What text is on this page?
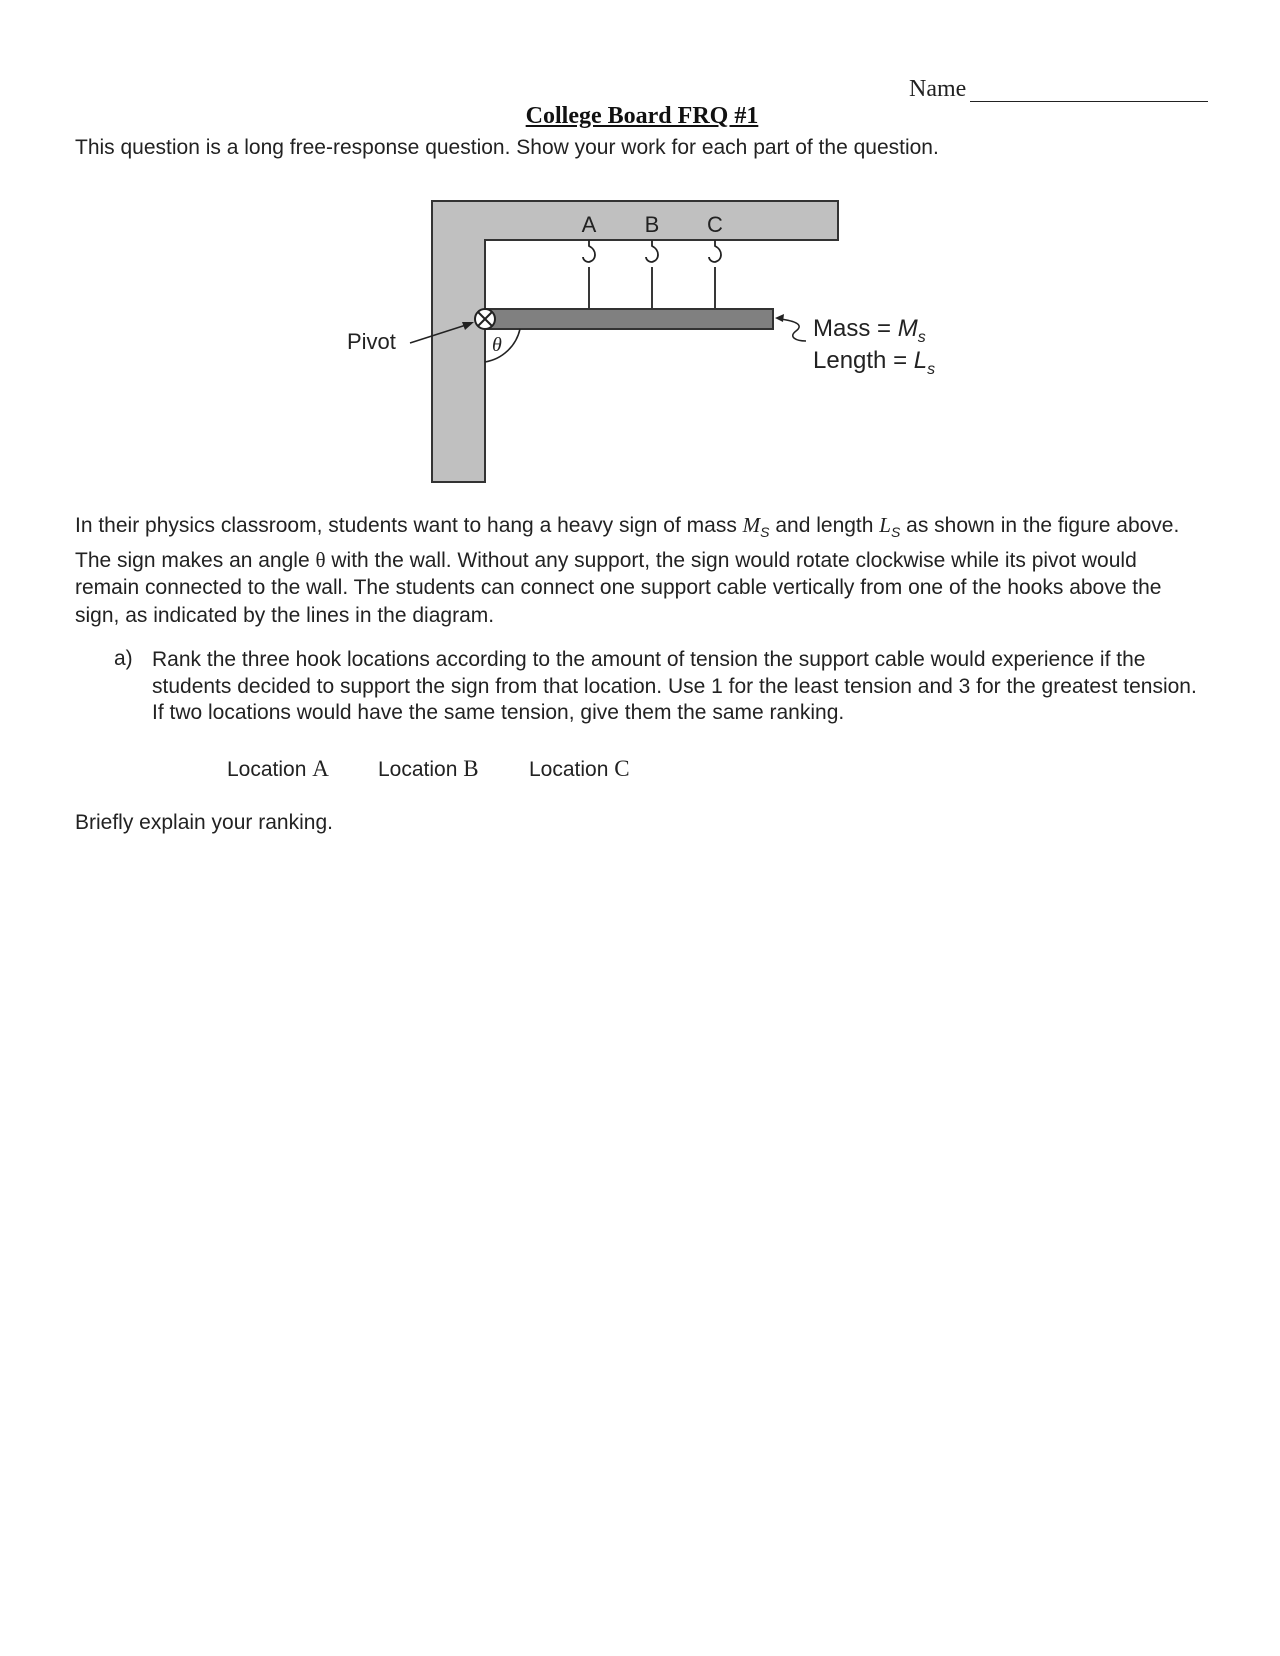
Name
College Board FRQ #1
This question is a long free-response question. Show your work for each part of the question.
A B C
θ
Pivot	Mass = $M_s$
Length = $L_s$
In their physics classroom, students want to hang a heavy sign of mass $M_S$ and length $L_S$ as shown in the figure above. The sign makes an angle θ with the wall. Without any support, the sign would rotate clockwise while its pivot would remain connected to the wall. The students can connect one support cable vertically from one of the hooks above the sign, as indicated by the lines in the diagram.
a) Rank the three hook locations according to the amount of tension the support cable would experience if the students decided to support the sign from that location. Use 1 for the least tension and 3 for the greatest tension. If two locations would have the same tension, give them the same ranking.
Location A Location B Location C
Briefly explain your ranking.
